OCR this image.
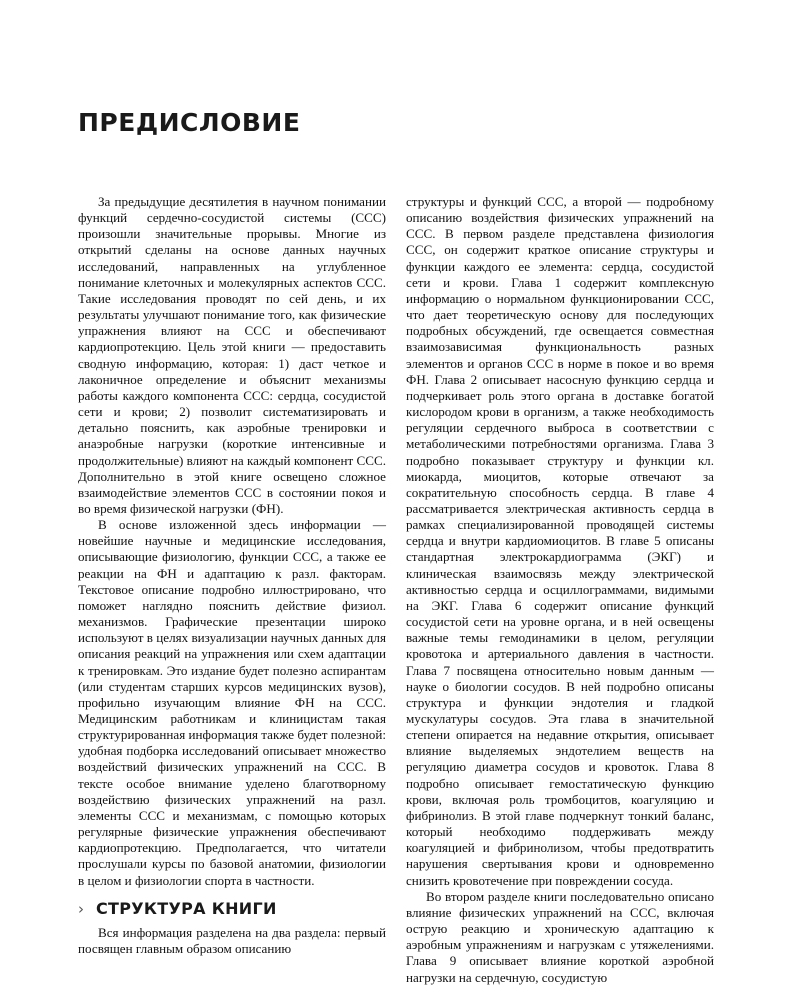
ПРЕДИСЛОВИЕ

За предыдущие десятилетия в научном понимании функций сердечно-сосудистой системы (ССС) произошли значительные прорывы. Многие из открытий сделаны на основе данных научных исследований, направленных на углубленное понимание клеточных и молекулярных аспектов ССС. Такие исследования проводят по сей день, и их результаты улучшают понимание того, как физические упражнения влияют на ССС и обеспечивают кардиопротекцию. Цель этой книги — предоставить сводную информацию, которая: 1) даст четкое и лаконичное определение и объяснит механизмы работы каждого компонента ССС: сердца, сосудистой сети и крови; 2) позволит систематизировать и детально пояснить, как аэробные тренировки и анаэробные нагрузки (короткие интенсивные и продолжительные) влияют на каждый компонент ССС. Дополнительно в этой книге освещено сложное взаимодействие элементов ССС в состоянии покоя и во время физической нагрузки (ФН).

В основе изложенной здесь информации — новейшие научные и медицинские исследования, описывающие физиологию, функции ССС, а также ее реакции на ФН и адаптацию к разл. факторам. Текстовое описание подробно иллюстрировано, что поможет наглядно пояснить действие физиол. механизмов. Графические презентации широко используют в целях визуализации научных данных для описания реакций на упражнения или схем адаптации к тренировкам. Это издание будет полезно аспирантам (или студентам старших курсов медицинских вузов), профильно изучающим влияние ФН на ССС. Медицинским работникам и клиницистам такая структурированная информация также будет полезной: удобная подборка исследований описывает множество воздействий физических упражнений на ССС. В тексте особое внимание уделено благотворному воздействию физических упражнений на разл. элементы ССС и механизмам, с помощью которых регулярные физические упражнения обеспечивают кардиопротекцию. Предполагается, что читатели прослушали курсы по базовой анатомии, физиологии в целом и физиологии спорта в частности.

› СТРУКТУРА КНИГИ

Вся информация разделена на два раздела: первый посвящен главным образом описанию

структуры и функций ССС, а второй — подробному описанию воздействия физических упражнений на ССС. В первом разделе представлена физиология ССС, он содержит краткое описание структуры и функции каждого ее элемента: сердца, сосудистой сети и крови. Глава 1 содержит комплексную информацию о нормальном функционировании ССС, что дает теоретическую основу для последующих подробных обсуждений, где освещается совместная взаимозависимая функциональность разных элементов и органов ССС в норме в покое и во время ФН. Глава 2 описывает насосную функцию сердца и подчеркивает роль этого органа в доставке богатой кислородом крови в организм, а также необходимость регуляции сердечного выброса в соответствии с метаболическими потребностями организма. Глава 3 подробно показывает структуру и функции кл. миокарда, миоцитов, которые отвечают за сократительную способность сердца. В главе 4 рассматривается электрическая активность сердца в рамках специализированной проводящей системы сердца и внутри кардиомиоцитов. В главе 5 описаны стандартная электрокардиограмма (ЭКГ) и клиническая взаимосвязь между электрической активностью сердца и осциллограммами, видимыми на ЭКГ. Глава 6 содержит описание функций сосудистой сети на уровне органа, и в ней освещены важные темы гемодинамики в целом, регуляции кровотока и артериального давления в частности. Глава 7 посвящена относительно новым данным — науке о биологии сосудов. В ней подробно описаны структура и функции эндотелия и гладкой мускулатуры сосудов. Эта глава в значительной степени опирается на недавние открытия, описывает влияние выделяемых эндотелием веществ на регуляцию диаметра сосудов и кровоток. Глава 8 подробно описывает гемостатическую функцию крови, включая роль тромбоцитов, коагуляцию и фибринолиз. В этой главе подчеркнут тонкий баланс, который необходимо поддерживать между коагуляцией и фибринолизом, чтобы предотвратить нарушения свертывания крови и одновременно снизить кровотечение при повреждении сосуда.

Во втором разделе книги последовательно описано влияние физических упражнений на ССС, включая острую реакцию и хроническую адаптацию к аэробным упражнениям и нагрузкам с утяжелениями. Глава 9 описывает влияние короткой аэробной нагрузки на сердечную, сосудистую
